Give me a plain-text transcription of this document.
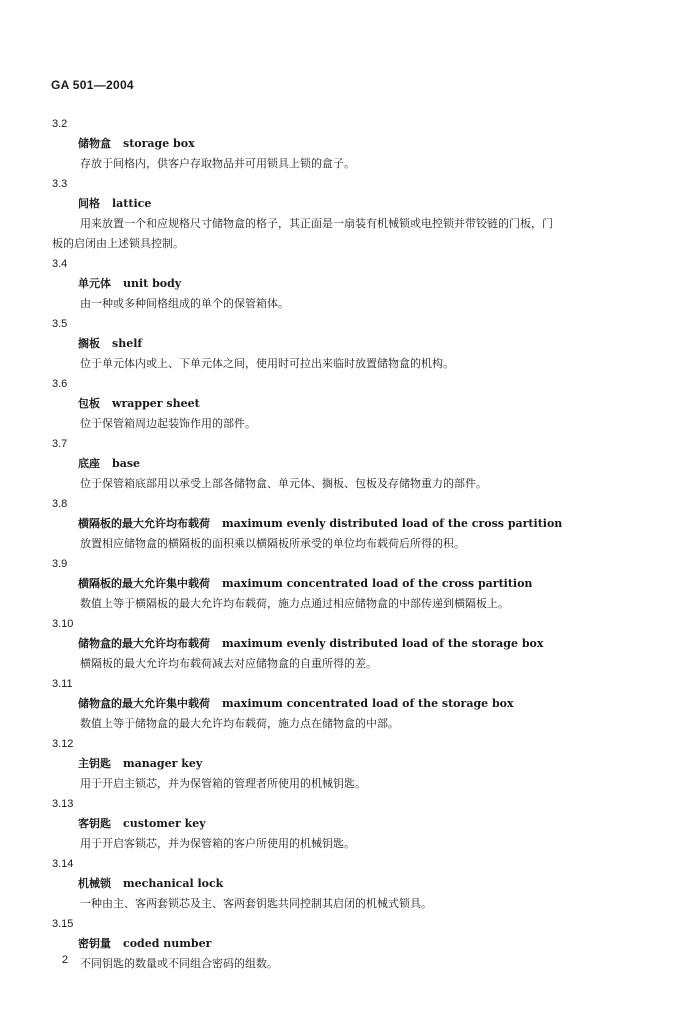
GA 501—2004
3.2
储物盒 storage box
存放于间格内，供客户存取物品并可用锁具上锁的盒子。
3.3
间格 lattice
用来放置一个和应规格尺寸储物盒的格子，其正面是一扇装有机械锁或电控锁并带铰链的门板，门
板的启闭由上述锁具控制。
3.4
单元体 unit body
由一种或多种间格组成的单个的保管箱体。
3.5
搁板 shelf
位于单元体内或上、下单元体之间，使用时可拉出来临时放置储物盒的机构。
3.6
包板 wrapper sheet
位于保管箱周边起装饰作用的部件。
3.7
底座 base
位于保管箱底部用以承受上部各储物盒、单元体、搁板、包板及存储物重力的部件。
3.8
横隔板的最大允许均布载荷 maximum evenly distributed load of the cross partition
放置相应储物盒的横隔板的面积乘以横隔板所承受的单位均布载荷后所得的积。
3.9
横隔板的最大允许集中载荷 maximum concentrated load of the cross partition
数值上等于横隔板的最大允许均布载荷，施力点通过相应储物盒的中部传递到横隔板上。
3.10
储物盒的最大允许均布载荷 maximum evenly distributed load of the storage box
横隔板的最大允许均布载荷减去对应储物盒的自重所得的差。
3.11
储物盒的最大允许集中载荷 maximum concentrated load of the storage box
数值上等于储物盒的最大允许均布载荷，施力点在储物盒的中部。
3.12
主钥匙 manager key
用于开启主锁芯，并为保管箱的管理者所使用的机械钥匙。
3.13
客钥匙 customer key
用于开启客锁芯，并为保管箱的客户所使用的机械钥匙。
3.14
机械锁 mechanical lock
一种由主、客两套锁芯及主、客两套钥匙共同控制其启闭的机械式锁具。
3.15
密钥量 coded number
不同钥匙的数量或不同组合密码的组数。
2
